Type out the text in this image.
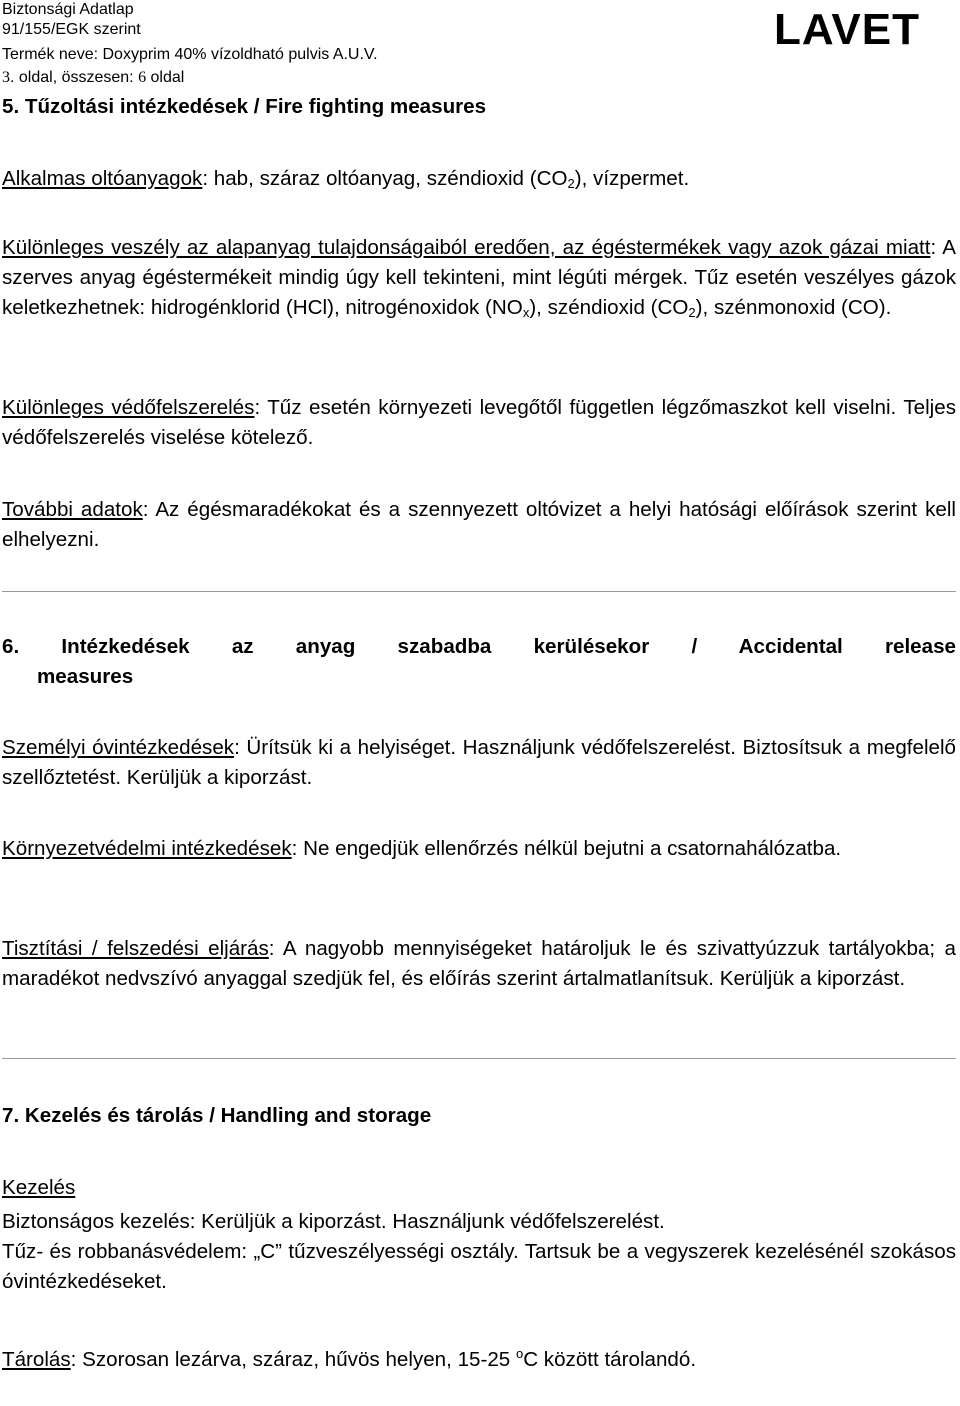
Biztonsági Adatlap
91/155/EGK szerint
Termék neve: Doxyprim 40% vízoldható pulvis A.U.V.
3. oldal, összesen: 6 oldal
LAVET
5. Tűzoltási intézkedések / Fire fighting measures
Alkalmas oltóanyagok: hab, száraz oltóanyag, széndioxid $(CO_2)$, vízpermet.
Különleges veszély az alapanyag tulajdonságaiból eredően, az égéstermékek vagy azok gázai miatt: A szerves anyag égéstermékeit mindig úgy kell tekinteni, mint légúti mérgek. Tűz esetén veszélyes gázok keletkezhetnek: hidrogénklorid (HCl), nitrogénoxidok $(NO_x)$, széndioxid $(CO_2)$, szénmonoxid (CO).
Különleges védőfelszerelés: Tűz esetén környezeti levegőtől független légzőmaszkot kell viselni. Teljes védőfelszerelés viselése kötelező.
További adatok: Az égésmaradékokat és a szennyezett oltóvizet a helyi hatósági előírások szerint kell elhelyezni.
6. Intézkedések az anyag szabadba kerülésekor / Accidental release
measures
Személyi óvintézkedések: Ürítsük ki a helyiséget. Használjunk védőfelszerelést. Biztosítsuk a megfelelő szellőztetést. Kerüljük a kiporzást.
Környezetvédelmi intézkedések: Ne engedjük ellenőrzés nélkül bejutni a csatornahálózatba.
Tisztítási / felszedési eljárás: A nagyobb mennyiségeket határoljuk le és szivattyúzzuk tartályokba; a maradékot nedvszívó anyaggal szedjük fel, és előírás szerint ártalmatlanítsuk. Kerüljük a kiporzást.
7. Kezelés és tárolás / Handling and storage
Kezelés
Biztonságos kezelés: Kerüljük a kiporzást. Használjunk védőfelszerelést.
Tűz- és robbanásvédelem: „C” tűzveszélyességi osztály. Tartsuk be a vegyszerek kezelésénél szokásos óvintézkedéseket.
Tárolás: Szorosan lezárva, száraz, hűvös helyen, 15-25 $^o$C között tárolandó.
